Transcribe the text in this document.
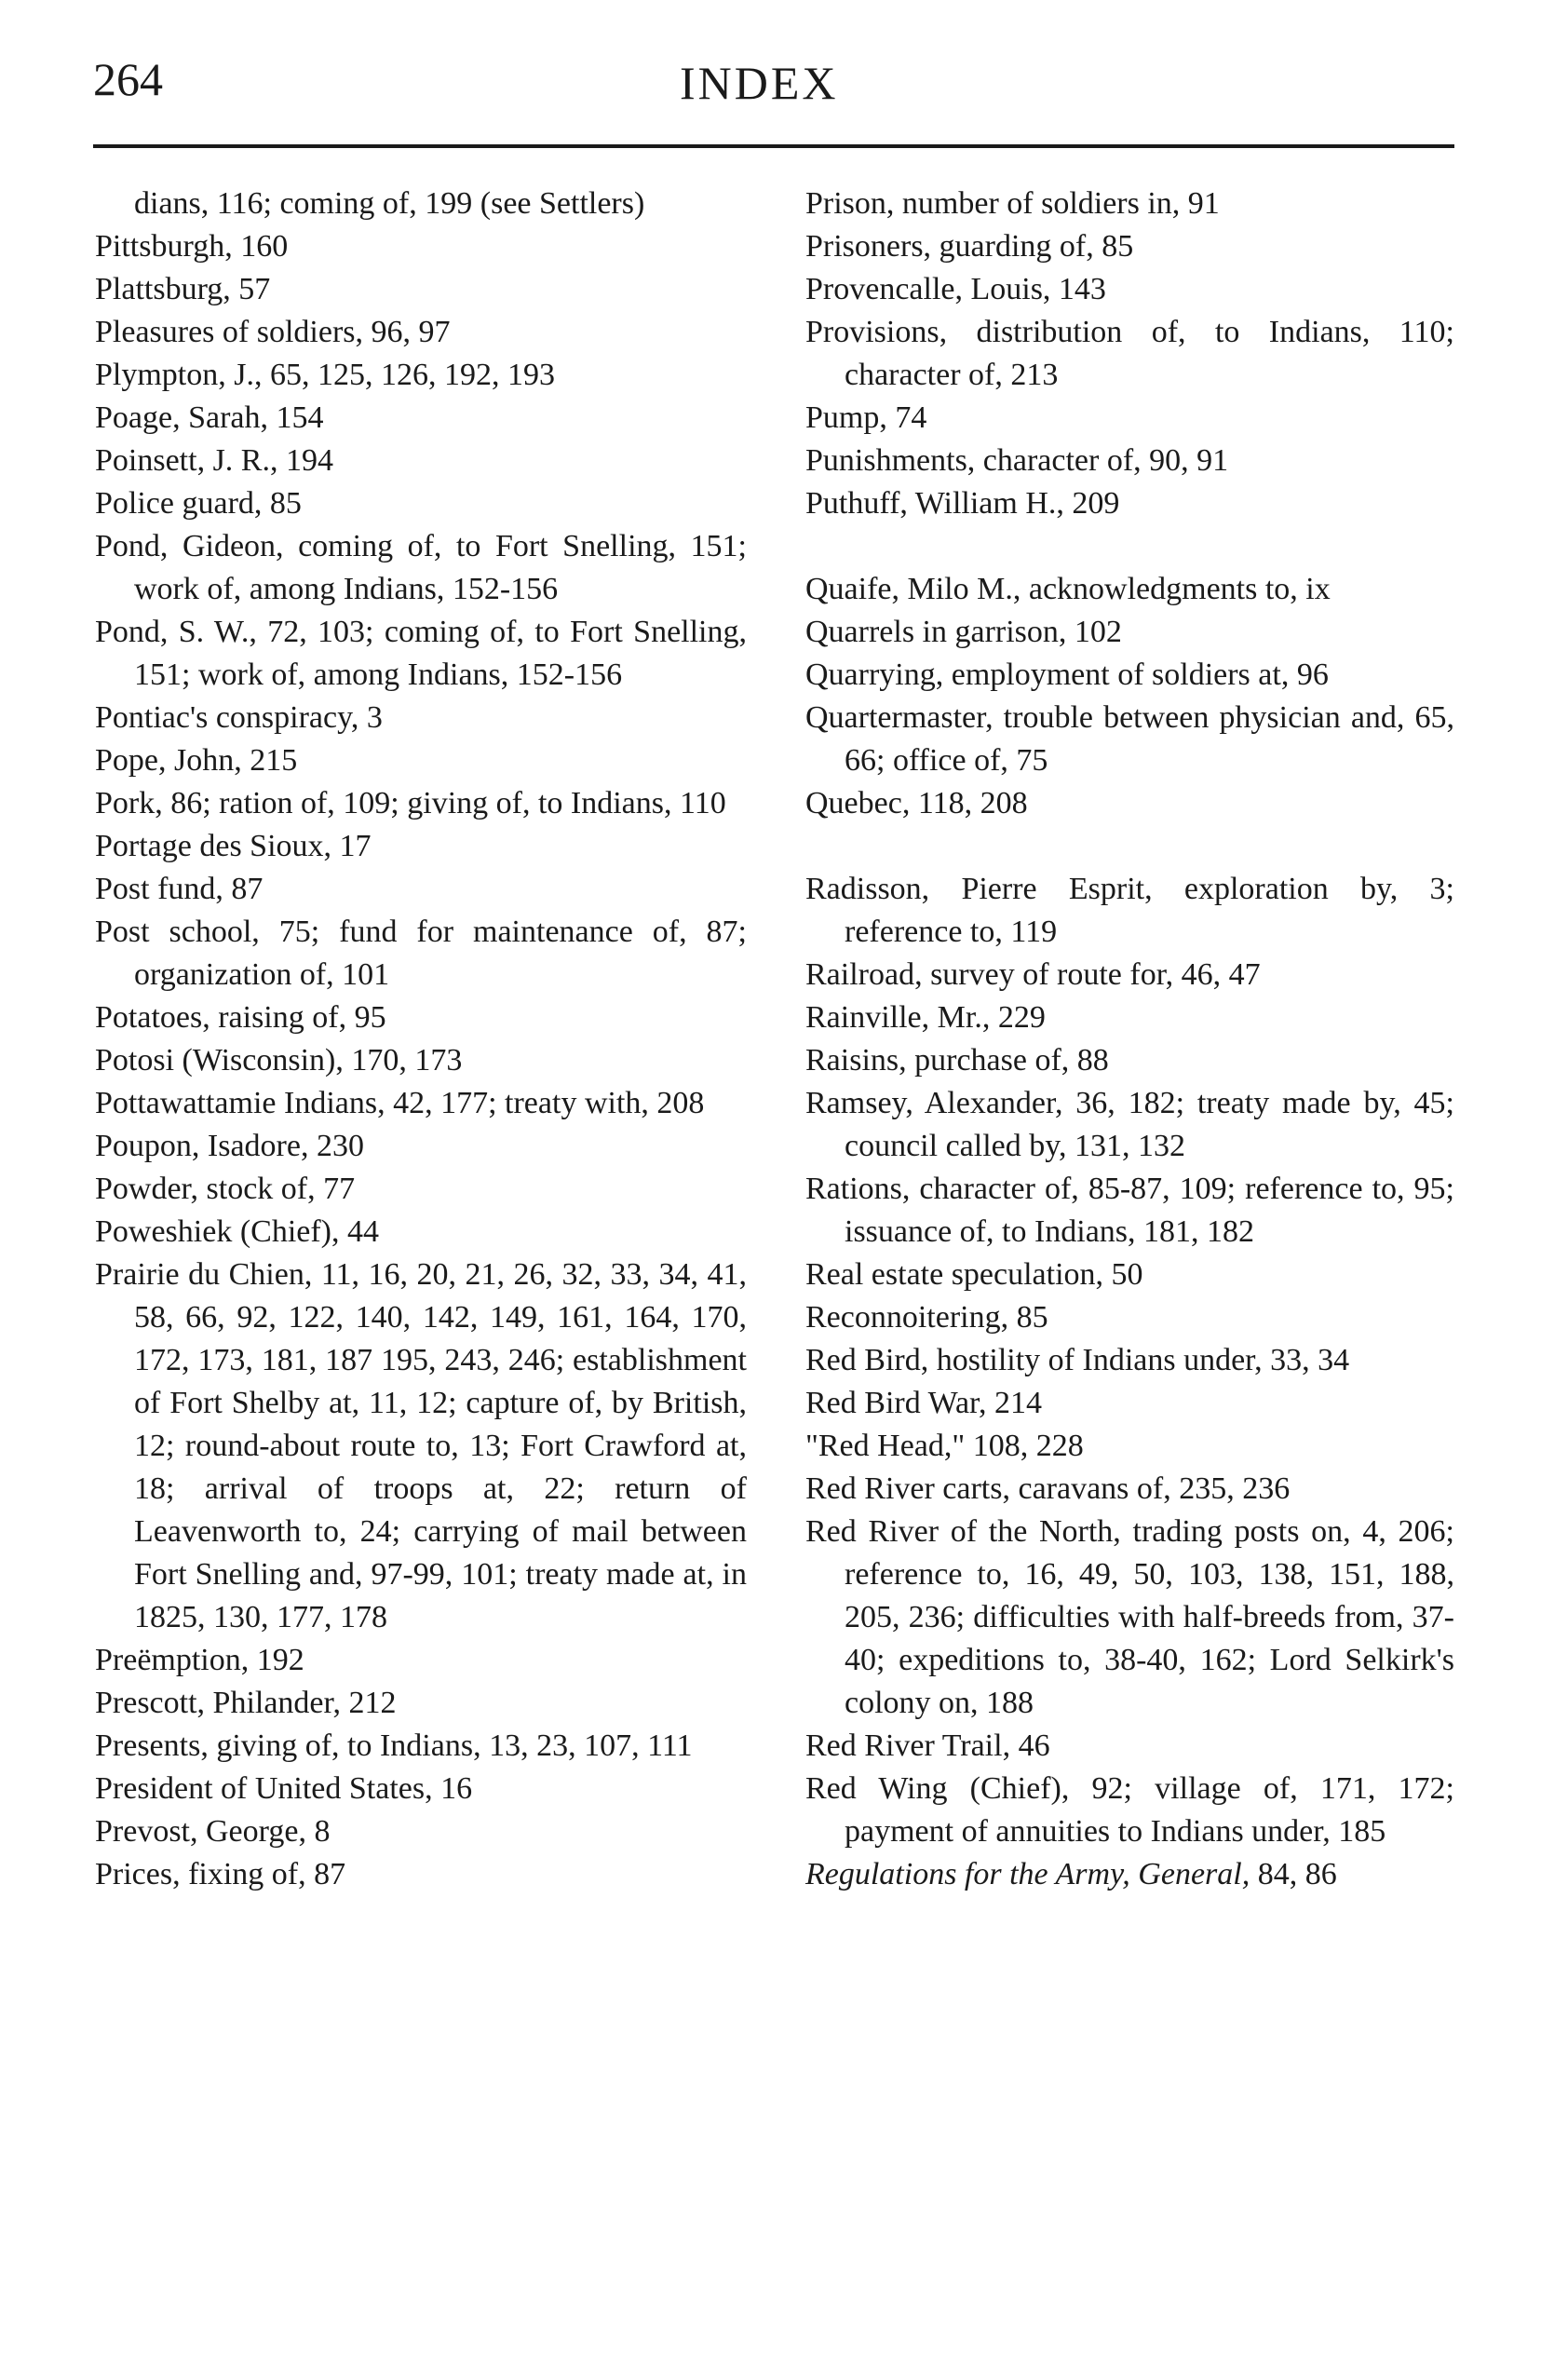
264	INDEX
dians, 116; coming of, 199 (see Settlers)
Pittsburgh, 160
Plattsburg, 57
Pleasures of soldiers, 96, 97
Plympton, J., 65, 125, 126, 192, 193
Poage, Sarah, 154
Poinsett, J. R., 194
Police guard, 85
Pond, Gideon, coming of, to Fort Snelling, 151; work of, among Indians, 152-156
Pond, S. W., 72, 103; coming of, to Fort Snelling, 151; work of, among Indians, 152-156
Pontiac's conspiracy, 3
Pope, John, 215
Pork, 86; ration of, 109; giving of, to Indians, 110
Portage des Sioux, 17
Post fund, 87
Post school, 75; fund for maintenance of, 87; organization of, 101
Potatoes, raising of, 95
Potosi (Wisconsin), 170, 173
Pottawattamie Indians, 42, 177; treaty with, 208
Poupon, Isadore, 230
Powder, stock of, 77
Poweshiek (Chief), 44
Prairie du Chien, 11, 16, 20, 21, 26, 32, 33, 34, 41, 58, 66, 92, 122, 140, 142, 149, 161, 164, 170, 172, 173, 181, 187 195, 243, 246; establishment of Fort Shelby at, 11, 12; capture of, by British, 12; round-about route to, 13; Fort Crawford at, 18; arrival of troops at, 22; return of Leavenworth to, 24; carrying of mail between Fort Snelling and, 97-99, 101; treaty made at, in 1825, 130, 177, 178
Preëmption, 192
Prescott, Philander, 212
Presents, giving of, to Indians, 13, 23, 107, 111
President of United States, 16
Prevost, George, 8
Prices, fixing of, 87
Prison, number of soldiers in, 91
Prisoners, guarding of, 85
Provencalle, Louis, 143
Provisions, distribution of, to Indians, 110; character of, 213
Pump, 74
Punishments, character of, 90, 91
Puthuff, William H., 209
Quaife, Milo M., acknowledgments to, ix
Quarrels in garrison, 102
Quarrying, employment of soldiers at, 96
Quartermaster, trouble between physician and, 65, 66; office of, 75
Quebec, 118, 208
Radisson, Pierre Esprit, exploration by, 3; reference to, 119
Railroad, survey of route for, 46, 47
Rainville, Mr., 229
Raisins, purchase of, 88
Ramsey, Alexander, 36, 182; treaty made by, 45; council called by, 131, 132
Rations, character of, 85-87, 109; reference to, 95; issuance of, to Indians, 181, 182
Real estate speculation, 50
Reconnoitering, 85
Red Bird, hostility of Indians under, 33, 34
Red Bird War, 214
"Red Head," 108, 228
Red River carts, caravans of, 235, 236
Red River of the North, trading posts on, 4, 206; reference to, 16, 49, 50, 103, 138, 151, 188, 205, 236; difficulties with half-breeds from, 37-40; expeditions to, 38-40, 162; Lord Selkirk's colony on, 188
Red River Trail, 46
Red Wing (Chief), 92; village of, 171, 172; payment of annuities to Indians under, 185
Regulations for the Army, General, 84, 86
